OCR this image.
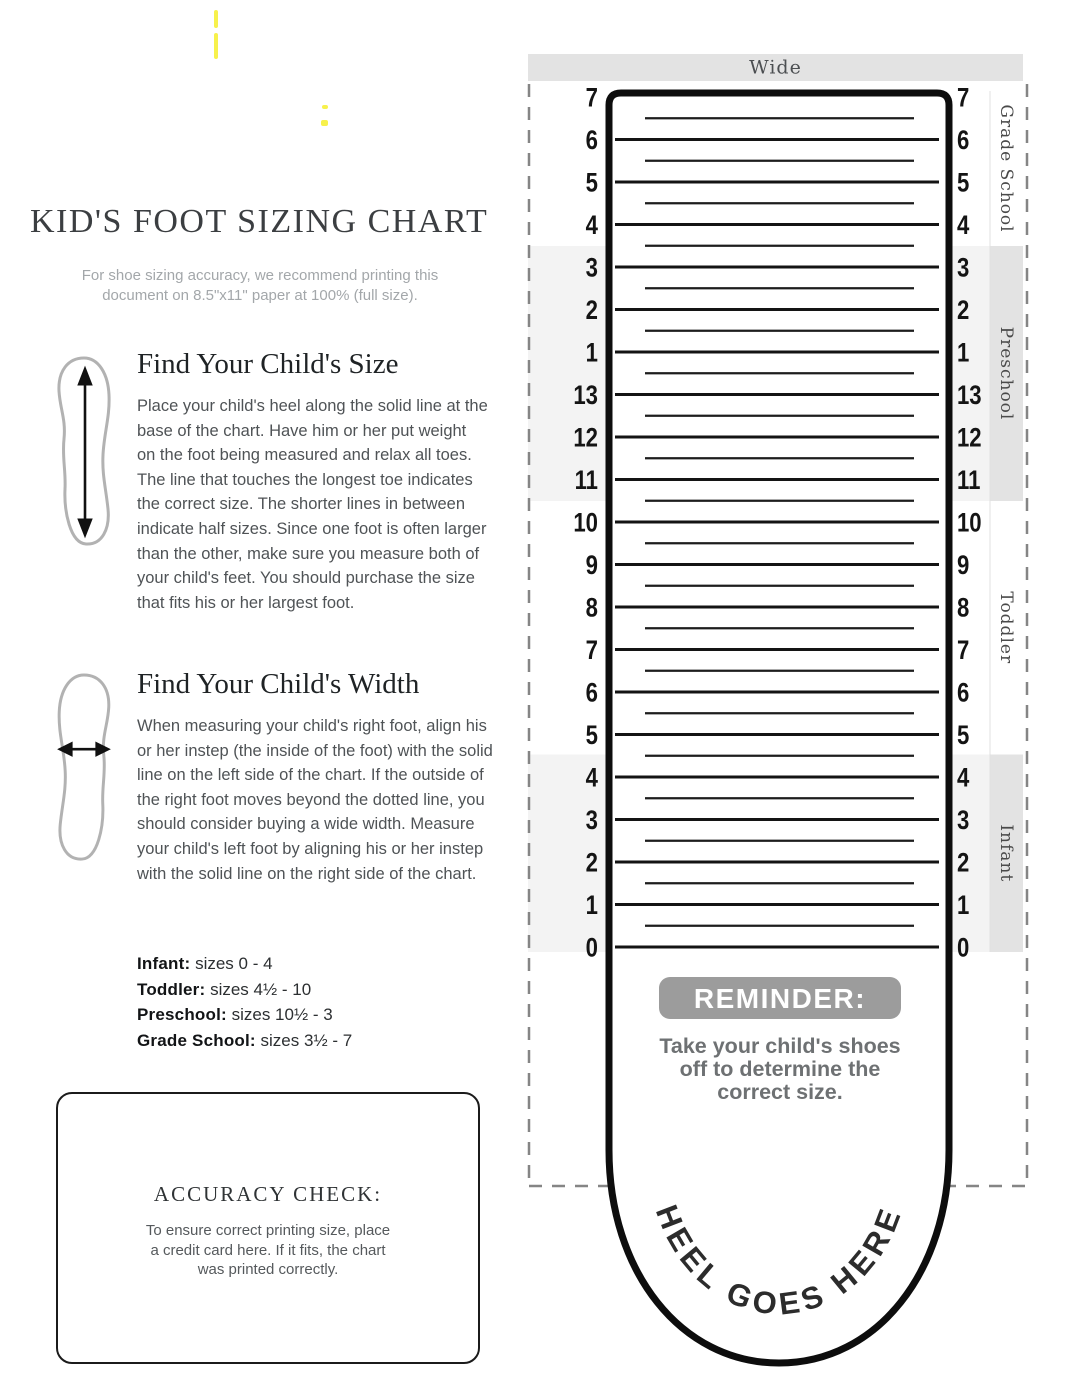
KID'S FOOT SIZING CHART
For shoe sizing accuracy, we recommend printing this
document on 8.5"x11" paper at 100% (full size).
Find Your Child's Size
Place your child's heel along the solid line at the base of the chart. Have him or her put weight on the foot being measured and relax all toes. The line that touches the longest toe indicates the correct size. The shorter lines in between indicate half sizes. Since one foot is often larger than the other, make sure you measure both of your child's feet. You should purchase the size that fits his or her largest foot.
Find Your Child's Width
When measuring your child's right foot, align his or her instep (the inside of the foot) with the solid line on the left side of the chart. If the outside of the right foot moves beyond the dotted line, you should consider buying a wide width. Measure your child's left foot by aligning his or her instep with the solid line on the right side of the chart.
Infant: sizes 0 - 4
Toddler: sizes 4½ - 10
Preschool: sizes 10½ - 3
Grade School: sizes 3½ - 7
ACCURACY CHECK:
To ensure correct printing size, place
a credit card here. If it fits, the chart
was printed correctly.
Wide
7	7
6	6
5	5
4	4
3	3
2	2
1	1
13	13
12	12
11	11
10	10
9	9
8	8
7	7
6	6
5	5
4	4
3	3
2	2
1	1
0	0
Grade School
Preschool
Toddler
Infant
REMINDER:
Take your child's shoes
off to determine the
correct size.
HEEL GOES HERE
